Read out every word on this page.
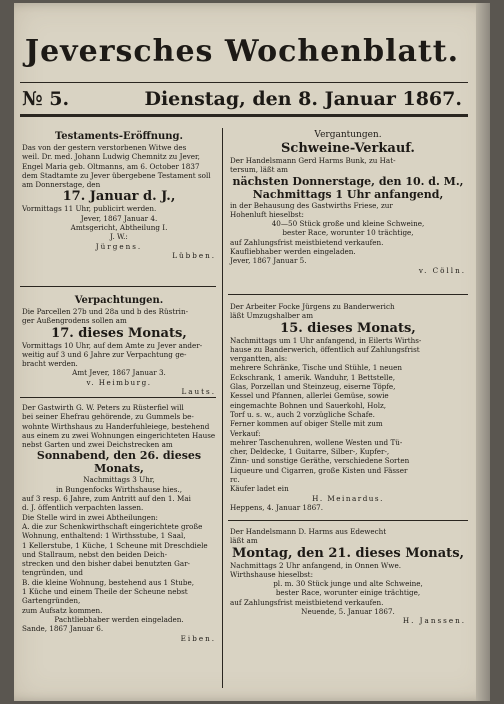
Jeversches Wochenblatt.
№ 5.	Dienstag, den 8. Januar 1867.
Testaments-Eröffnung.

Das von der gestern verstorbenen Witwe des

weil. Dr. med. Johann Ludwig Chemnitz zu Jever,

Engel Maria geb. Oltmanns, am 6. October 1837

dem Stadtamte zu Jever übergebene Testament soll

am Donnerstage, den

17. Januar d. J.,

Vormittags 11 Uhr, publicirt werden.

Jever, 1867 Januar 4.

Amtsgericht, Abtheilung I.

J. W.:

Jürgens.

Lübben.

Verpachtungen.

Die Parcellen 27b und 28a und b des Rüstrin-

ger Außengrodens sollen am

17. dieses Monats,

Vormittags 10 Uhr, auf dem Amte zu Jever ander-

weitig auf 3 und 6 Jahre zur Verpachtung ge-

bracht werden.

Amt Jever, 1867 Januar 3.

v. Heimburg.

Lauts.

Der Gastwirth G. W. Peters zu Rüsterfiel will

bei seiner Ehefrau gehörende, zu Gummels be-

wohnte Wirthshaus zu Handerfuhleiege, bestehend

aus einem zu zwei Wohnungen eingerichteten Hause

nebst Garten und zwei Deichstrecken am

Sonnabend, den 26. dieses Monats,

Nachmittags 3 Uhr,

in Bungenfocks Wirthshause hies.,

auf 3 resp. 6 Jahre, zum Antritt auf den 1. Mai

d. J. öffentlich verpachten lassen.

Die Stelle wird in zwei Abtheilungen:

A. die zur Schenkwirthschaft eingerichtete große

Wohnung, enthaltend: 1 Wirthsstube, 1 Saal,

1 Kellerstube, 1 Küche, 1 Scheune mit Dreschdiele

und Stallraum, nebst den beiden Deich-

strecken und den bisher dabei benutzten Gar-

tengründen, und

B. die kleine Wohnung, bestehend aus 1 Stube,

1 Küche und einem Theile der Scheune nebst

Gartengründen,

zum Aufsatz kommen.

Pachtliebhaber werden eingeladen.

Sande, 1867 Januar 6.

Eiben.

Vergantungen.
Schweine-Verkauf.

Der Handelsmann Gerd Harms Bunk, zu Hat-

tersum, läßt am

nächsten Donnerstage, den 10. d. M.,
Nachmittags 1 Uhr anfangend,

in der Behausung des Gastwirths Friese, zur

Hohenluft hieselbst:

40—50 Stück große und kleine Schweine,

bester Race, worunter 10 trächtige,

auf Zahlungsfrist meistbietend verkaufen.

Kaufliebhaber werden eingeladen.

Jever, 1867 Januar 5.

v. Cölln.

Der Arbeiter Focke Jürgens zu Banderwerich

läßt Umzugshalber am

15. dieses Monats,

Nachmittags um 1 Uhr anfangend, in Eilerts Wirths-

hause zu Banderwerich, öffentlich auf Zahlungsfrist

vergantten, als:

mehrere Schränke, Tische und Stühle, 1 neuen

Eckschrank, 1 amerik. Wanduhr, 1 Bettstelle,

Glas, Porzellan und Steinzeug, eiserne Töpfe,

Kessel und Pfannen, allerlei Gemüse, sowie

eingemachte Bohnen und Sauerkohl, Holz,

Torf u. s. w., auch 2 vorzügliche Schafe.

Ferner kommen auf obiger Stelle mit zum

Verkauf:

mehrer Taschenuhren, wollene Westen und Tü-

cher, Deldecke, 1 Guitarre, Silber-, Kupfer-,

Zinn- und sonstige Geräthe, verschiedene Sorten

Liqueure und Cigarren, große Kisten und Fässer

rc.

Käufer ladet ein

H. Meinardus.

Heppens, 4. Januar 1867.

Der Handelsmann D. Harms aus Edewecht

läßt am

Montag, den 21. dieses Monats,

Nachmittags 2 Uhr anfangend, in Onnen Wwe.

Wirthshause hieselbst:

pl. m. 30 Stück junge und alte Schweine,

bester Race, worunter einige trächtige,

auf Zahlungsfrist meistbietend verkaufen.

Neuende, 5. Januar 1867.

H. Janssen.
